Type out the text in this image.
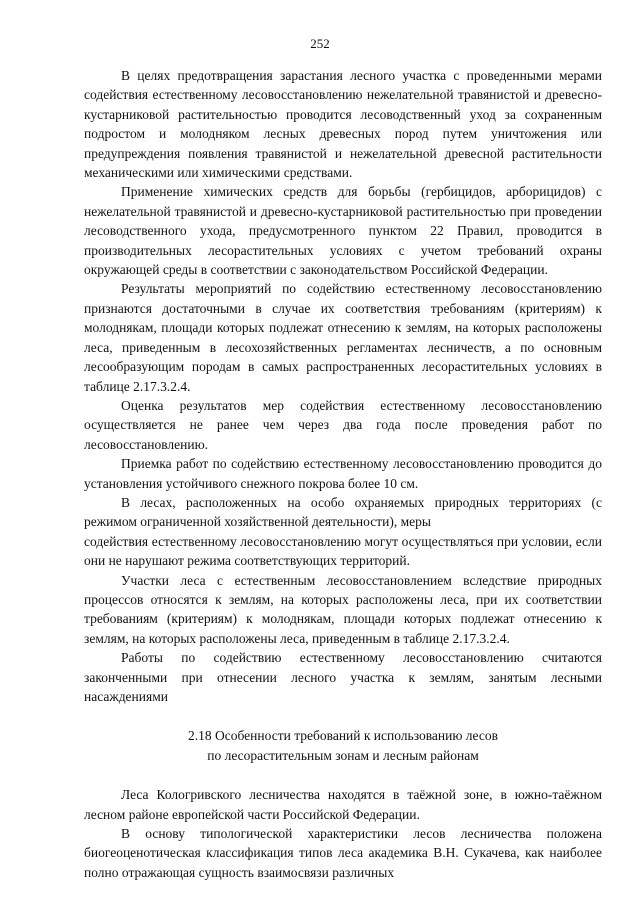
252

В целях предотвращения зарастания лесного участка с проведенными мерами содействия естественному лесовосстановлению нежелательной травянистой и древесно-кустарниковой растительностью проводится лесоводственный уход за сохраненным подростом и молодняком лесных древесных пород путем уничтожения или предупреждения появления травянистой и нежелательной древесной растительности механическими или химическими средствами.

Применение химических средств для борьбы (гербицидов, арборицидов) с нежелательной травянистой и древесно-кустарниковой растительностью при проведении лесоводственного ухода, предусмотренного пунктом 22 Правил, проводится в производительных лесорастительных условиях с учетом требований охраны окружающей среды в соответствии с законодательством Российской Федерации.

Результаты мероприятий по содействию естественному лесовосстановлению признаются достаточными в случае их соответствия требованиям (критериям) к молоднякам, площади которых подлежат отнесению к землям, на которых расположены леса, приведенным в лесохозяйственных регламентах лесничеств, а по основным лесообразующим породам в самых распространенных лесорастительных условиях в таблице 2.17.3.2.4.

Оценка результатов мер содействия естественному лесовосстановлению осуществляется не ранее чем через два года после проведения работ по лесовосстановлению.

Приемка работ по содействию естественному лесовосстановлению проводится до установления устойчивого снежного покрова более 10 см.

В лесах, расположенных на особо охраняемых природных территориях (с режимом ограниченной хозяйственной деятельности), меры

содействия естественному лесовосстановлению могут осуществляться при условии, если они не нарушают режима соответствующих территорий.

Участки леса с естественным лесовосстановлением вследствие природных процессов относятся к землям, на которых расположены леса, при их соответствии требованиям (критериям) к молоднякам, площади которых подлежат отнесению к землям, на которых расположены леса, приведенным в таблице 2.17.3.2.4.

Работы по содействию естественному лесовосстановлению считаются законченными при отнесении лесного участка к землям, занятым лесными насаждениями

2.18 Особенности требований к использованию лесов
по лесорастительным зонам и лесным районам

Леса Кологривского лесничества находятся в таёжной зоне, в южно-таёжном лесном районе европейской части Российской Федерации.

В основу типологической характеристики лесов лесничества положена биогеоценотическая классификация типов леса академика В.Н. Сукачева, как наиболее полно отражающая сущность взаимосвязи различных
